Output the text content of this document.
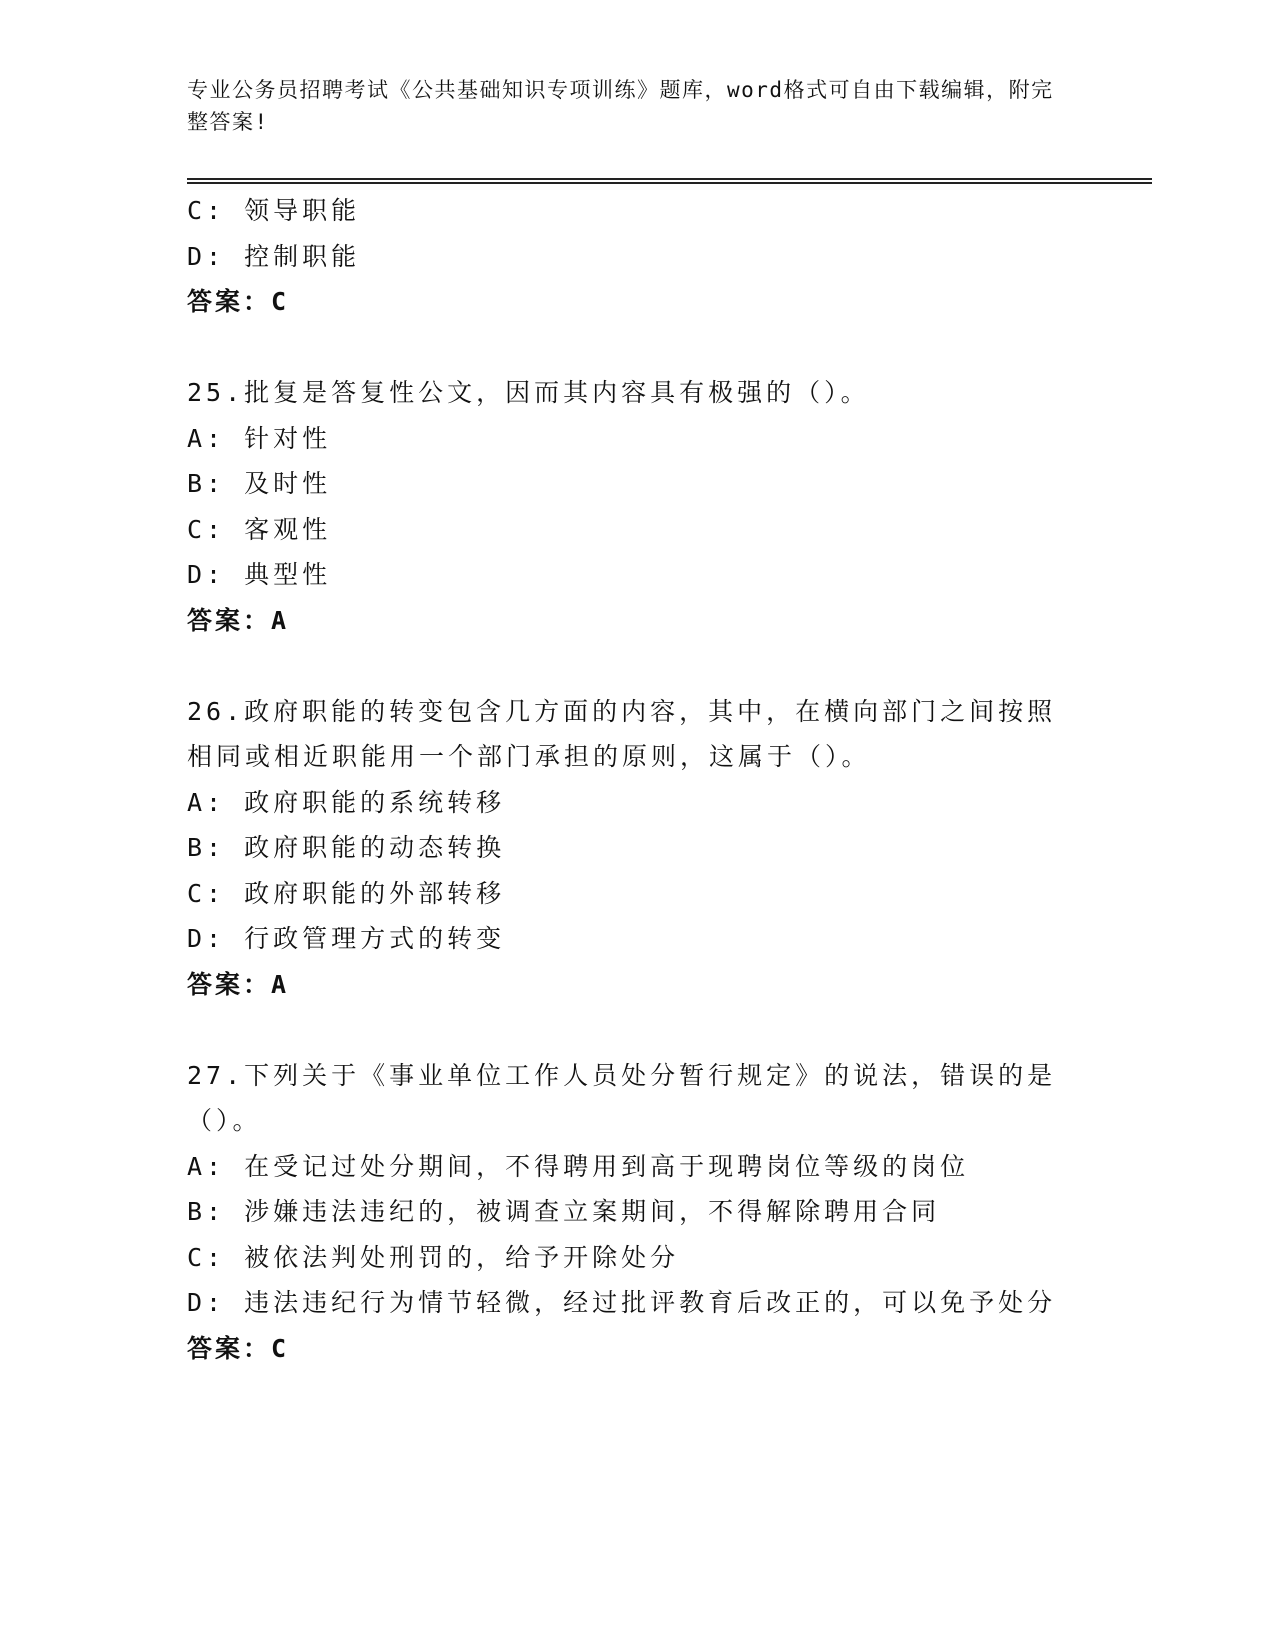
专业公务员招聘考试《公共基础知识专项训练》题库，word格式可自由下载编辑，附完整答案!
C: 领导职能
D: 控制职能
答案：C
25.批复是答复性公文，因而其内容具有极强的（）。
A: 针对性
B: 及时性
C: 客观性
D: 典型性
答案：A
26.政府职能的转变包含几方面的内容，其中，在横向部门之间按照相同或相近职能用一个部门承担的原则，这属于（）。
A: 政府职能的系统转移
B: 政府职能的动态转换
C: 政府职能的外部转移
D: 行政管理方式的转变
答案：A
27.下列关于《事业单位工作人员处分暂行规定》的说法，错误的是（）。
A: 在受记过处分期间，不得聘用到高于现聘岗位等级的岗位
B: 涉嫌违法违纪的，被调查立案期间，不得解除聘用合同
C: 被依法判处刑罚的，给予开除处分
D: 违法违纪行为情节轻微，经过批评教育后改正的，可以免予处分
答案：C
